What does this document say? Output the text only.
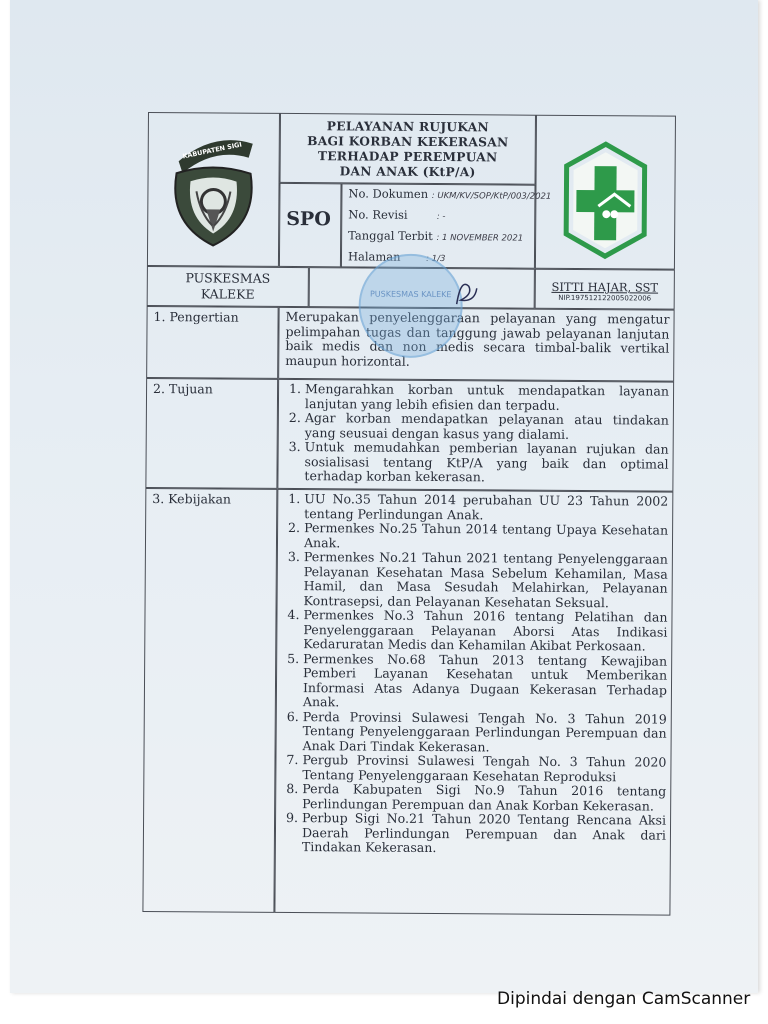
KABUPATEN SIGI
PELAYANAN RUJUKAN
BAGI KORBAN KEKERASAN
TERHADAP PEREMPUAN
DAN ANAK (KtP/A)
SPO
No. Dokumen : UKM/KV/SOP/KtP/003/2021
No. Revisi	: -
Tanggal Terbit : 1 NOVEMBER 2021
Halaman	: 1/3
PUSKESMAS
KALEKE	SITTI HAJAR, SST
NIP.197512122005022006
1. Pengertian	Merupakan penyelenggaraan pelayanan yang mengatur pelimpahan tugas dan tanggung jawab pelayanan lanjutan baik medis dan non medis secara timbal-balik vertikal maupun horizontal.
2. Tujuan	1. Mengarahkan korban untuk mendapatkan layanan lanjutan yang lebih efisien dan terpadu.
2. Agar korban mendapatkan pelayanan atau tindakan yang seusuai dengan kasus yang dialami.
3. Untuk memudahkan pemberian layanan rujukan dan sosialisasi tentang KtP/A yang baik dan optimal terhadap korban kekerasan.
3. Kebijakan	1. UU No.35 Tahun 2014 perubahan UU 23 Tahun 2002 tentang Perlindungan Anak.
2. Permenkes No.25 Tahun 2014 tentang Upaya Kesehatan Anak.
3. Permenkes No.21 Tahun 2021 tentang Penyelenggaraan Pelayanan Kesehatan Masa Sebelum Kehamilan, Masa Hamil, dan Masa Sesudah Melahirkan, Pelayanan Kontrasepsi, dan Pelayanan Kesehatan Seksual.
4. Permenkes No.3 Tahun 2016 tentang Pelatihan dan Penyelenggaraan Pelayanan Aborsi Atas Indikasi Kedaruratan Medis dan Kehamilan Akibat Perkosaan.
5. Permenkes No.68 Tahun 2013 tentang Kewajiban Pemberi Layanan Kesehatan untuk Memberikan Informasi Atas Adanya Dugaan Kekerasan Terhadap Anak.
6. Perda Provinsi Sulawesi Tengah No. 3 Tahun 2019 Tentang Penyelenggaraan Perlindungan Perempuan dan Anak Dari Tindak Kekerasan.
7. Pergub Provinsi Sulawesi Tengah No. 3 Tahun 2020 Tentang Penyelenggaraan Kesehatan Reproduksi
8. Perda Kabupaten Sigi No.9 Tahun 2016 tentang Perlindungan Perempuan dan Anak Korban Kekerasan.
9. Perbup Sigi No.21 Tahun 2020 Tentang Rencana Aksi Daerah Perlindungan Perempuan dan Anak dari Tindakan Kekerasan.
PUSKESMAS KALEKE
Dipindai dengan CamScanner
